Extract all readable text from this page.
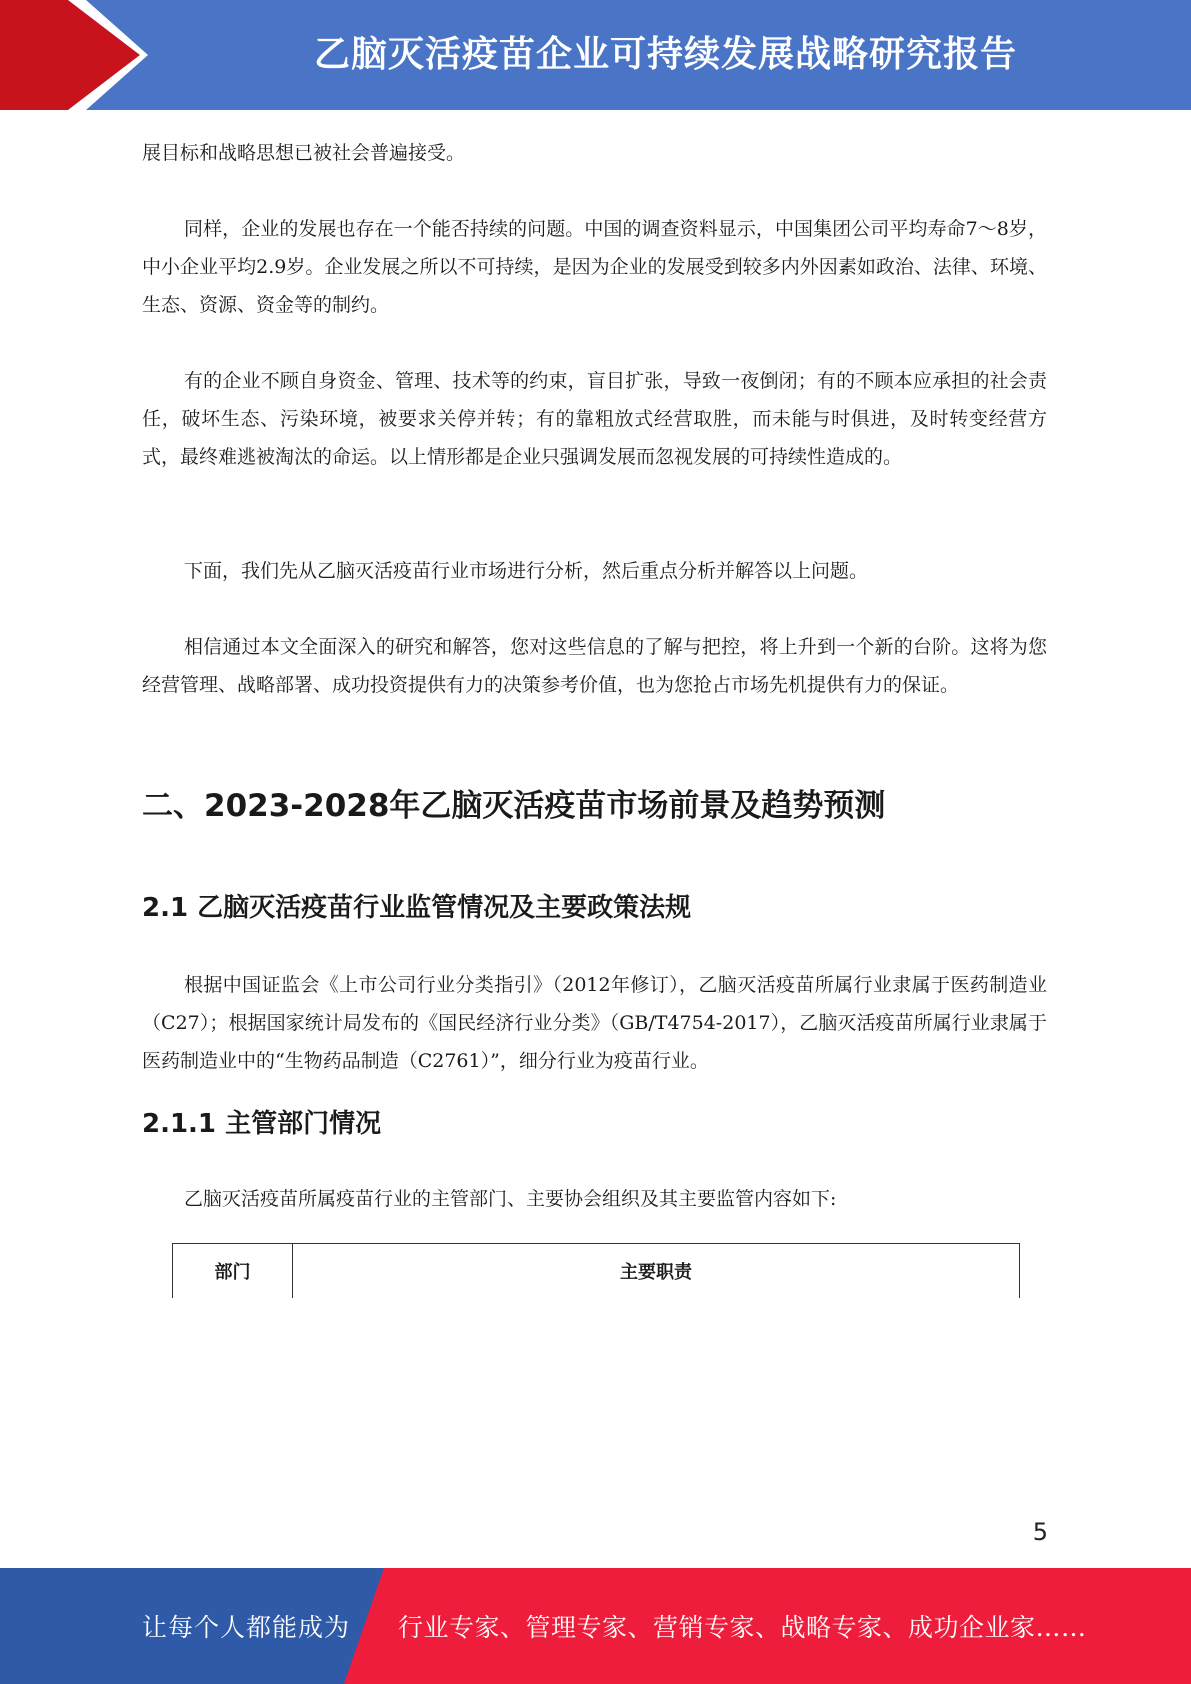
乙脑灭活疫苗企业可持续发展战略研究报告

展目标和战略思想已被社会普遍接受。

同样，企业的发展也存在一个能否持续的问题。中国的调查资料显示，中国集团公司平均寿命7～8岁，中小企业平均2.9岁。企业发展之所以不可持续，是因为企业的发展受到较多内外因素如政治、法律、环境、生态、资源、资金等的制约。

有的企业不顾自身资金、管理、技术等的约束，盲目扩张，导致一夜倒闭；有的不顾本应承担的社会责任，破坏生态、污染环境，被要求关停并转；有的靠粗放式经营取胜，而未能与时俱进，及时转变经营方式，最终难逃被淘汰的命运。以上情形都是企业只强调发展而忽视发展的可持续性造成的。

下面，我们先从乙脑灭活疫苗行业市场进行分析，然后重点分析并解答以上问题。

相信通过本文全面深入的研究和解答，您对这些信息的了解与把控，将上升到一个新的台阶。这将为您经营管理、战略部署、成功投资提供有力的决策参考价值，也为您抢占市场先机提供有力的保证。

二、2023-2028年乙脑灭活疫苗市场前景及趋势预测
2.1 乙脑灭活疫苗行业监管情况及主要政策法规

根据中国证监会《上市公司行业分类指引》（2012年修订），乙脑灭活疫苗所属行业隶属于医药制造业（C27）；根据国家统计局发布的《国民经济行业分类》（GB/T4754-2017），乙脑灭活疫苗所属行业隶属于医药制造业中的“生物药品制造（C2761）”，细分行业为疫苗行业。

2.1.1 主管部门情况

乙脑灭活疫苗所属疫苗行业的主管部门、主要协会组织及其主要监管内容如下:

部门	主要职责
5
让每个人都能成为 行业专家、管理专家、营销专家、战略专家、成功企业家……
